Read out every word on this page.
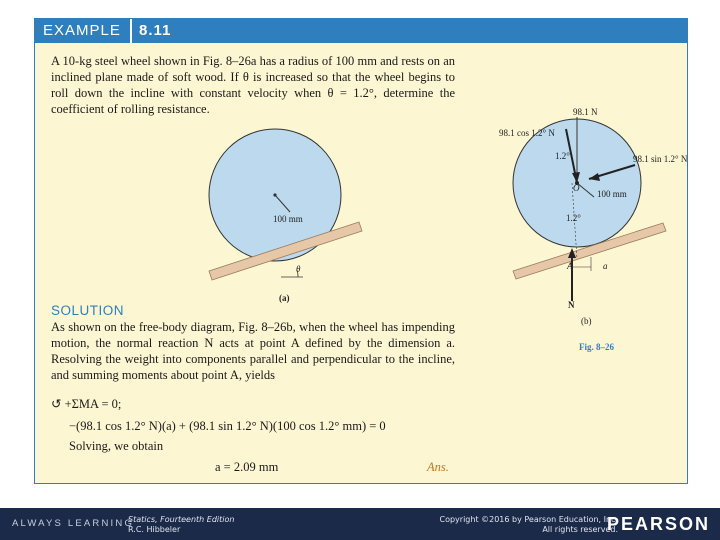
EXAMPLE 8.11
A 10-kg steel wheel shown in Fig. 8–26a has a radius of 100 mm and rests on an inclined plane made of soft wood. If θ is increased so that the wheel begins to roll down the incline with constant velocity when θ = 1.2°, determine the coefficient of rolling resistance.
100 mm
θ
(a)
98.1 N
98.1 cos 1.2° N
98.1 sin 1.2° N
1.2°
O
100 mm
1.2°
A	a
N
(b)
Fig. 8–26
SOLUTION
As shown on the free-body diagram, Fig. 8–26b, when the wheel has impending motion, the normal reaction N acts at point A defined by the dimension a. Resolving the weight into components parallel and perpendicular to the incline, and summing moments about point A, yields
↺ +ΣMA = 0;
−(98.1 cos 1.2° N)(a) + (98.1 sin 1.2° N)(100 cos 1.2° mm) = 0
Solving, we obtain
a = 2.09 mm	Ans.
ALWAYS LEARNING
Statics, Fourteenth Edition
R.C. Hibbeler
Copyright ©2016 by Pearson Education, Inc.
All rights reserved.
PEARSON
